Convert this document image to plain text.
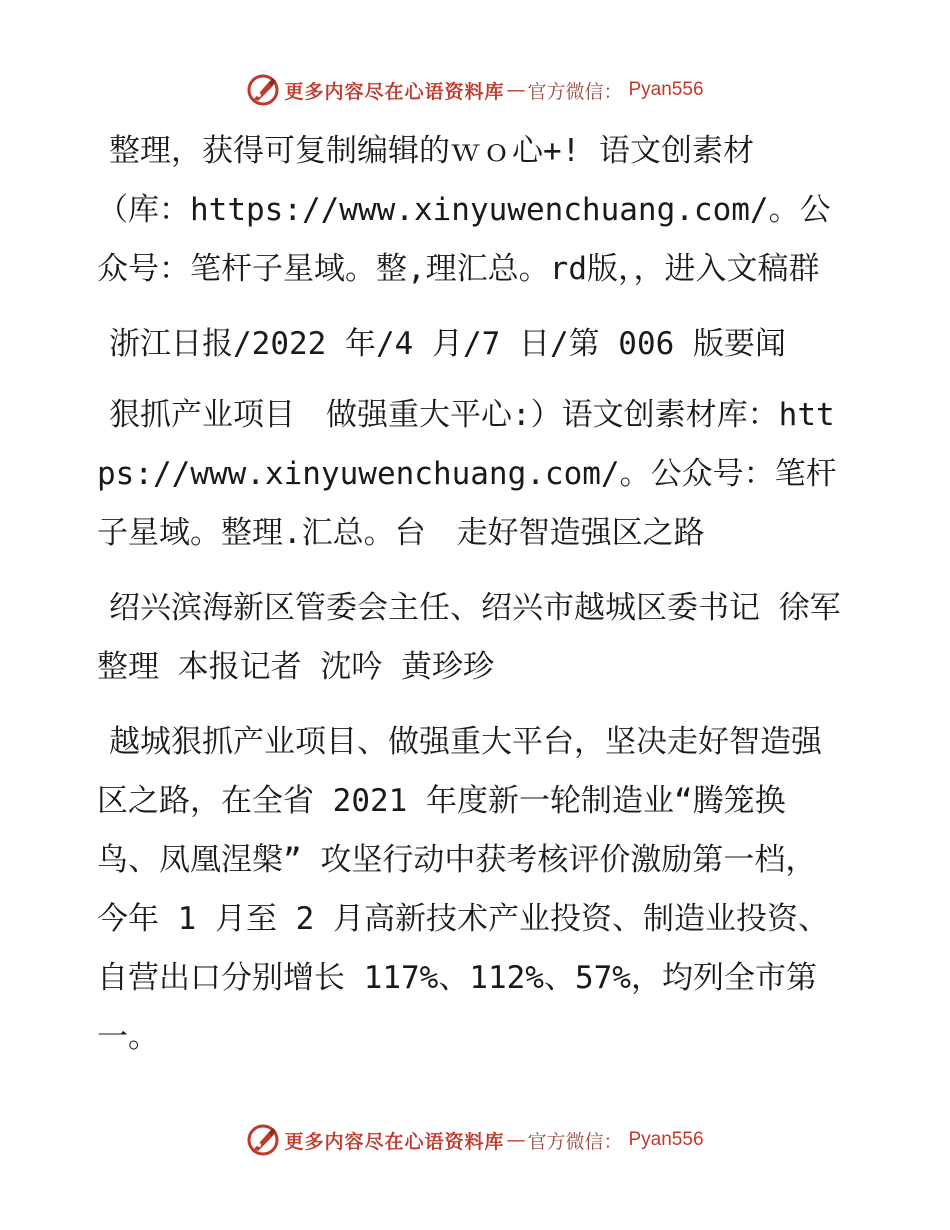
更多内容尽在心语资料库 — 官方微信： Pyan556

整理，获得可复制编辑的ｗｏ心+! 语文创素材（库：https://www.xinyuwenchuang.com/。公众号：笔杆子星域。整,理汇总。rd版，，进入文稿群

浙江日报/2022 年/4 月/7 日/第 006 版要闻

狠抓产业项目　做强重大平心:）语文创素材库：https://www.xinyuwenchuang.com/。公众号：笔杆子星域。整理.汇总。台　走好智造强区之路

绍兴滨海新区管委会主任、绍兴市越城区委书记 徐军 整理 本报记者 沈吟 黄珍珍

越城狠抓产业项目、做强重大平台，坚决走好智造强区之路，在全省 2021 年度新一轮制造业“腾笼换鸟、凤凰涅槃” 攻坚行动中获考核评价激励第一档，今年 1 月至 2 月高新技术产业投资、制造业投资、自营出口分别增长 117%、112%、57%，均列全市第一。

更多内容尽在心语资料库 — 官方微信： Pyan556
